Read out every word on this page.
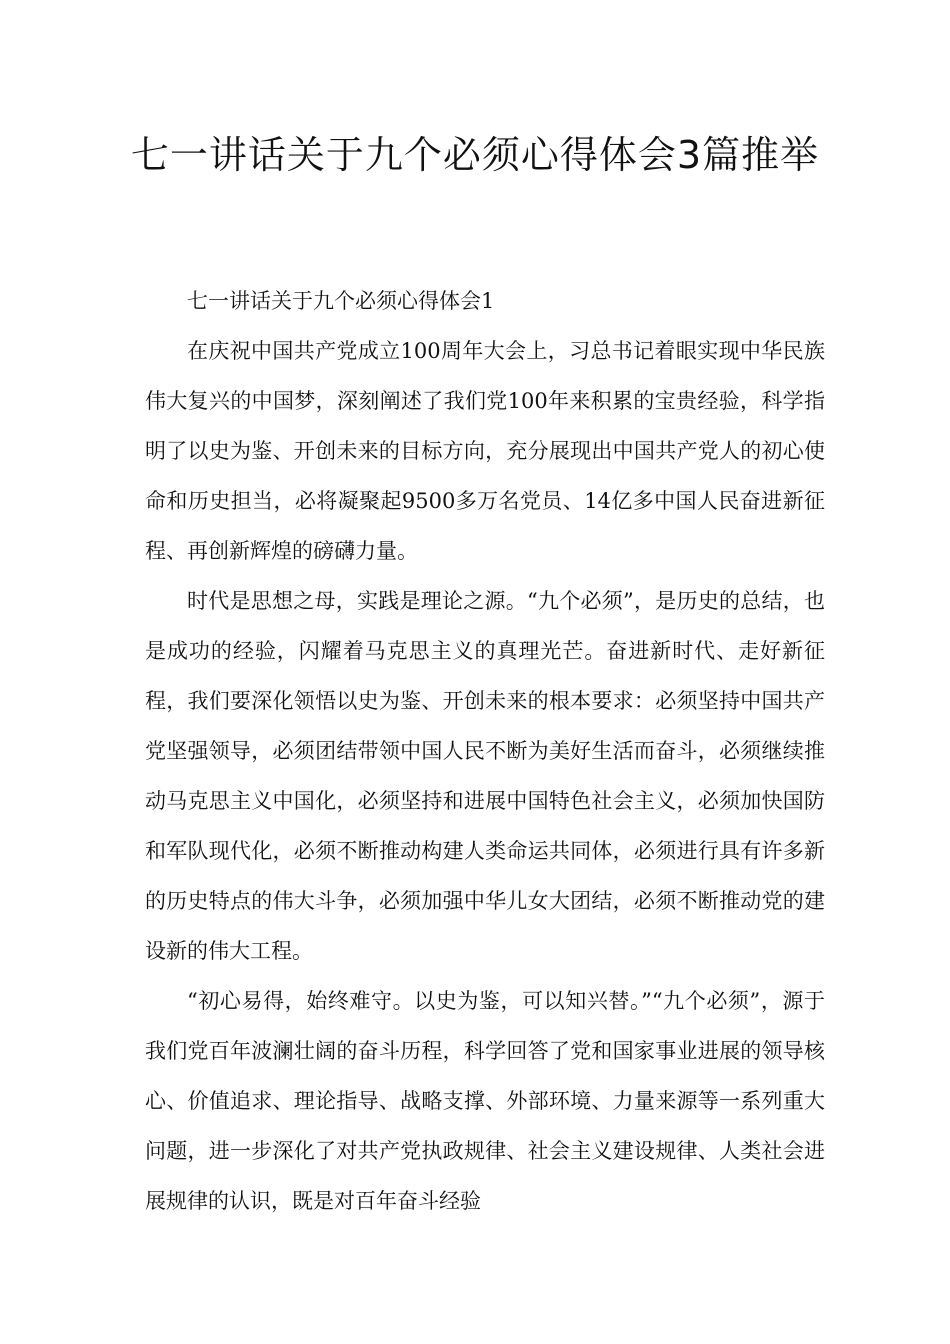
七一讲话关于九个必须心得体会3篇推举

七一讲话关于九个必须心得体会1

在庆祝中国共产党成立100周年大会上，习总书记着眼实现中华民族伟大复兴的中国梦，深刻阐述了我们党100年来积累的宝贵经验，科学指明了以史为鉴、开创未来的目标方向，充分展现出中国共产党人的初心使命和历史担当，必将凝聚起9500多万名党员、14亿多中国人民奋进新征程、再创新辉煌的磅礴力量。

时代是思想之母，实践是理论之源。“九个必须”，是历史的总结，也是成功的经验，闪耀着马克思主义的真理光芒。奋进新时代、走好新征程，我们要深化领悟以史为鉴、开创未来的根本要求：必须坚持中国共产党坚强领导，必须团结带领中国人民不断为美好生活而奋斗，必须继续推动马克思主义中国化，必须坚持和进展中国特色社会主义，必须加快国防和军队现代化，必须不断推动构建人类命运共同体，必须进行具有许多新的历史特点的伟大斗争，必须加强中华儿女大团结，必须不断推动党的建设新的伟大工程。

“初心易得，始终难守。以史为鉴，可以知兴替。”“九个必须”，源于我们党百年波澜壮阔的奋斗历程，科学回答了党和国家事业进展的领导核心、价值追求、理论指导、战略支撑、外部环境、力量来源等一系列重大问题，进一步深化了对共产党执政规律、社会主义建设规律、人类社会进展规律的认识，既是对百年奋斗经验
